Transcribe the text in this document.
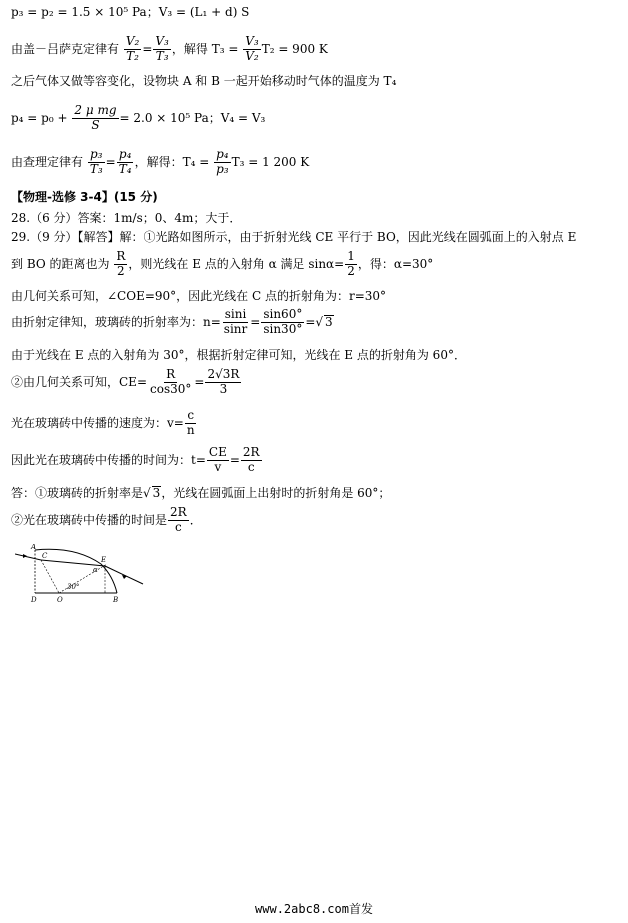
p₃ = p₂ = 1.5 × 10⁵ Pa；V₃ = (L₁ + d) S
由盖－吕萨克定律有 $\frac{\text{V₂}}{\text{T₂}} = \frac{\text{V₃}}{\text{T₃}}$ ，解得 $T_3 = \frac{\text{V₃}}{\text{V₂}} T_2 = 900$ K
之后气体又做等容变化，设物块 A 和 B 一起开始移动时气体的温度为 T₄
$p_4 = p_0 + \frac{\text{2 μ mg}}{S} = 2.0 \times 10^5$ Pa；V₄ = V₃
由查理定律有 $\frac{\text{p₃}}{\text{T₃}} = \frac{\text{p₄}}{\text{T₄}}$ ，解得：$T_4 = \frac{\text{p₄}}{\text{p₃}} T_3 = 1$ 200 K
【物理-选修 3-4】(15 分)
28.（6 分）答案：1m/s；0、4m；大于．
29.（9 分）【解答】解：①光路如图所示，由于折射光线 CE 平行于 BO，因此光线在圆弧面上的入射点 E
到 BO 的距离也为 $\frac{R}{2}$ ，则光线在 E 点的入射角 α 满足 $\sin\alpha= \frac{1}{2}$ ，得：α=30°
由几何关系可知，∠COE=90°，因此光线在 C 点的折射角为：r=30°
由折射定律知，玻璃砖的折射率为：$n= \frac{\sin i}{\sin r} = \frac{\sin 60^\circ}{\sin 30^\circ}$ =√ 3
由于光线在 E 点的入射角为 30°，根据折射定律可知，光线在 E 点的折射角为 60°．
②由几何关系可知，$CE= \frac{R}{\cos 30^\circ} = \frac{2√3R}{3}$
光在玻璃砖中传播的速度为：$v= \frac{c}{n}$
因此光在玻璃砖中传播的时间为：$t= \frac{CE}{v} = \frac{2R}{c}$
答：①玻璃砖的折射率是√ 3，光线在圆弧面上出射时的折射角是 60°；
②光在玻璃砖中传播的时间是 $\frac{2R}{c}$ ．
A
C	E
D	O	B
α
30°
www.2abc8.com首发
